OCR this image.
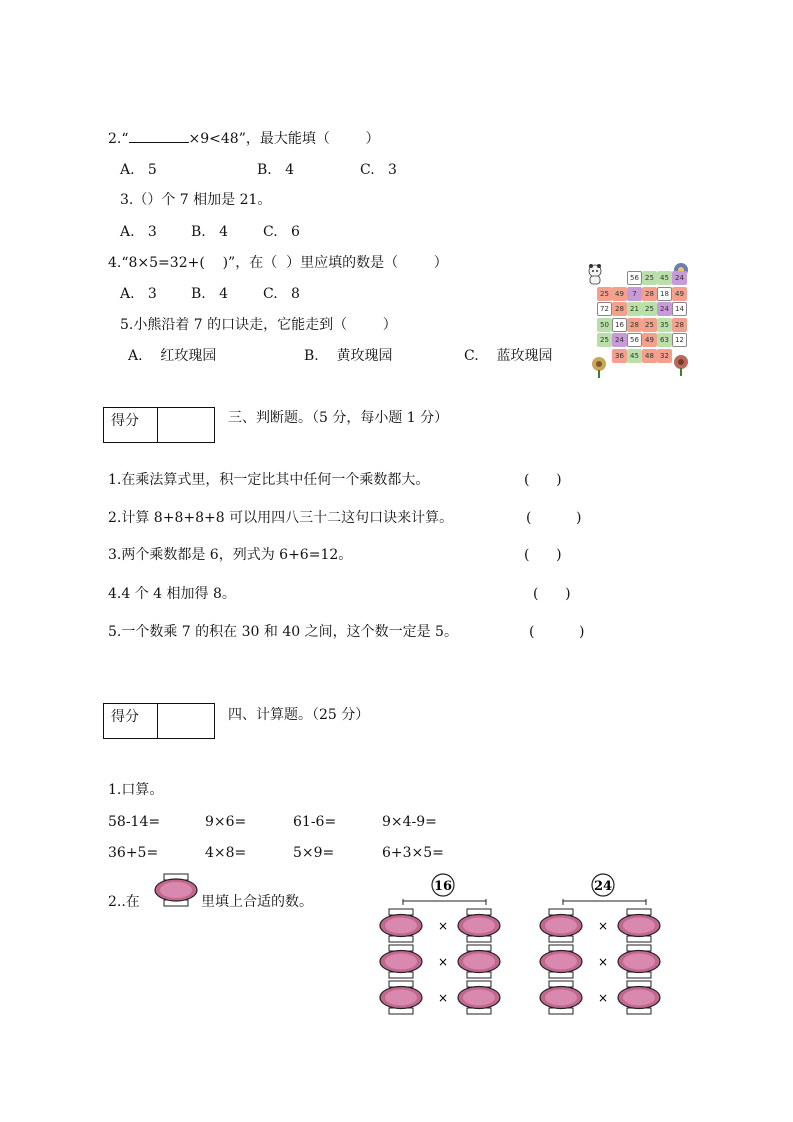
2.“	×9<48”，最大能填（        ）
A.   5	B.   4	C.   3
3.（）个 7 相加是 21。
A.   3 B.   4	C.   6
4.“8×5=32+(    )”，在（  ）里应填的数是（        ）
A.   3 B.   4	C.   8
5.小熊沿着 7 的口诀走，它能走到（        ）
A.    红玫瑰园	B.    黄玫瑰园	C.    蓝玫瑰园
56 25 45 24
25 49	7	28 18 49
72 28 21 25 24 14
50 16 28 25 35 28
25 24 56 49 63 12
36 45 48 32
得分	三、判断题。（5 分，每小题 1 分）
1.在乘法算式里，积一定比其中任何一个乘数都大。	(      )
2.计算 8+8+8+8 可以用四八三十二这句口诀来计算。	(          )
3.两个乘数都是 6，列式为 6+6=12。	(      )
4.4 个 4 相加得 8。	(      )
5.一个数乘 7 的积在 30 和 40 之间，这个数一定是 5。	(          )
得分	四、计算题。（25 分）
1.口算。
58-14=	9×6=	61-6=	9×4-9=
36+5=	4×8=	5×9=	6+3×5=
2..在	里填上合适的数。
16
×
×
×
24
×
×
×
